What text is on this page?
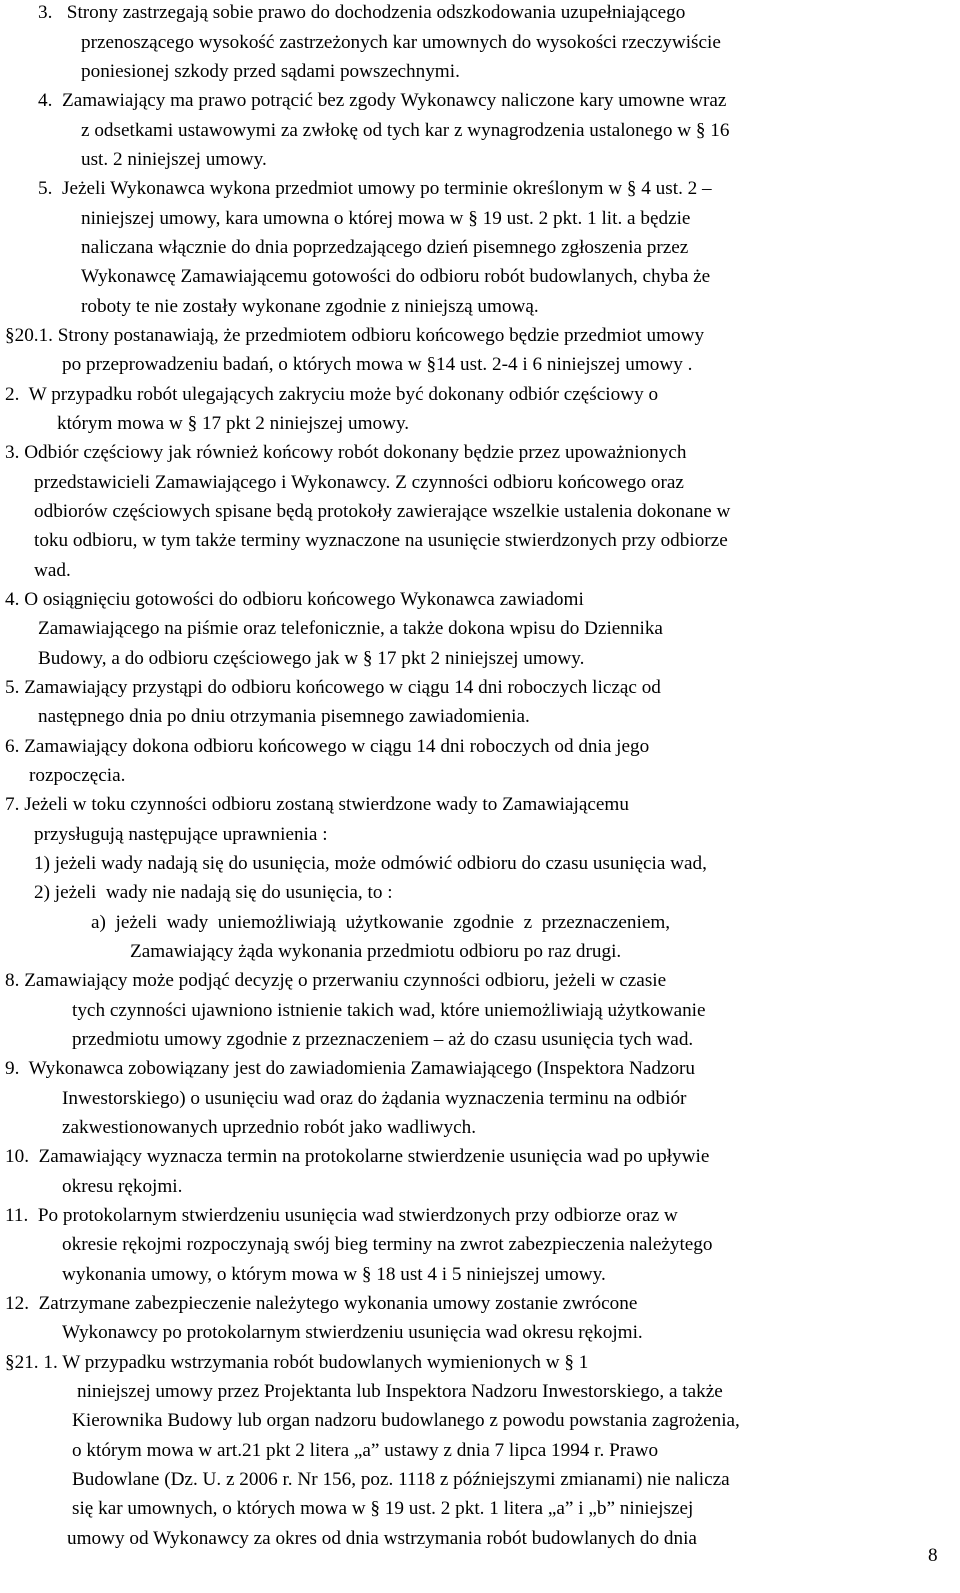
3.   Strony zastrzegają sobie prawo do dochodzenia odszkodowania uzupełniającego
przenoszącego wysokość zastrzeżonych kar umownych do wysokości rzeczywiście
poniesionej szkody przed sądami powszechnymi.
4.  Zamawiający ma prawo potrącić bez zgody Wykonawcy naliczone kary umowne wraz
z odsetkami ustawowymi za zwłokę od tych kar z wynagrodzenia ustalonego w § 16
ust. 2 niniejszej umowy.
5.  Jeżeli Wykonawca wykona przedmiot umowy po terminie określonym w § 4 ust. 2 –
niniejszej umowy, kara umowna o której mowa w § 19 ust. 2 pkt. 1 lit. a będzie
naliczana włącznie do dnia poprzedzającego dzień pisemnego zgłoszenia przez
Wykonawcę Zamawiającemu gotowości do odbioru robót budowlanych, chyba że
roboty te nie zostały wykonane zgodnie z niniejszą umową.
§20.1. Strony postanawiają, że przedmiotem odbioru końcowego będzie przedmiot umowy
po przeprowadzeniu badań, o których mowa w §14 ust. 2-4 i 6 niniejszej umowy .
2.  W przypadku robót ulegających zakryciu może być dokonany odbiór częściowy o
którym mowa w § 17 pkt 2 niniejszej umowy.
3. Odbiór częściowy jak również końcowy robót dokonany będzie przez upoważnionych
przedstawicieli Zamawiającego i Wykonawcy. Z czynności odbioru końcowego oraz
odbiorów częściowych spisane będą protokoły zawierające wszelkie ustalenia dokonane w
toku odbioru, w tym także terminy wyznaczone na usunięcie stwierdzonych przy odbiorze
wad.
4. O osiągnięciu gotowości do odbioru końcowego Wykonawca zawiadomi
Zamawiającego na piśmie oraz telefonicznie, a także dokona wpisu do Dziennika
Budowy, a do odbioru częściowego jak w § 17 pkt 2 niniejszej umowy.
5. Zamawiający przystąpi do odbioru końcowego w ciągu 14 dni roboczych licząc od
następnego dnia po dniu otrzymania pisemnego zawiadomienia.
6. Zamawiający dokona odbioru końcowego w ciągu 14 dni roboczych od dnia jego
rozpoczęcia.
7. Jeżeli w toku czynności odbioru zostaną stwierdzone wady to Zamawiającemu
przysługują następujące uprawnienia :
1) jeżeli wady nadają się do usunięcia, może odmówić odbioru do czasu usunięcia wad,
2) jeżeli  wady nie nadają się do usunięcia, to :
a)  jeżeli  wady  uniemożliwiają  użytkowanie  zgodnie  z  przeznaczeniem,
Zamawiający żąda wykonania przedmiotu odbioru po raz drugi.
8. Zamawiający może podjąć decyzję o przerwaniu czynności odbioru, jeżeli w czasie
tych czynności ujawniono istnienie takich wad, które uniemożliwiają użytkowanie
przedmiotu umowy zgodnie z przeznaczeniem – aż do czasu usunięcia tych wad.
9.  Wykonawca zobowiązany jest do zawiadomienia Zamawiającego (Inspektora Nadzoru
Inwestorskiego) o usunięciu wad oraz do żądania wyznaczenia terminu na odbiór
zakwestionowanych uprzednio robót jako wadliwych.
10.  Zamawiający wyznacza termin na protokolarne stwierdzenie usunięcia wad po upływie
okresu rękojmi.
11.  Po protokolarnym stwierdzeniu usunięcia wad stwierdzonych przy odbiorze oraz w
okresie rękojmi rozpoczynają swój bieg terminy na zwrot zabezpieczenia należytego
wykonania umowy, o którym mowa w § 18 ust 4 i 5 niniejszej umowy.
12.  Zatrzymane zabezpieczenie należytego wykonania umowy zostanie zwrócone
Wykonawcy po protokolarnym stwierdzeniu usunięcia wad okresu rękojmi.
§21. 1. W przypadku wstrzymania robót budowlanych wymienionych w § 1
niniejszej umowy przez Projektanta lub Inspektora Nadzoru Inwestorskiego, a także
Kierownika Budowy lub organ nadzoru budowlanego z powodu powstania zagrożenia,
o którym mowa w art.21 pkt 2 litera „a” ustawy z dnia 7 lipca 1994 r. Prawo
Budowlane (Dz. U. z 2006 r. Nr 156, poz. 1118 z późniejszymi zmianami) nie nalicza
się kar umownych, o których mowa w § 19 ust. 2 pkt. 1 litera „a” i „b” niniejszej
umowy od Wykonawcy za okres od dnia wstrzymania robót budowlanych do dnia
8
